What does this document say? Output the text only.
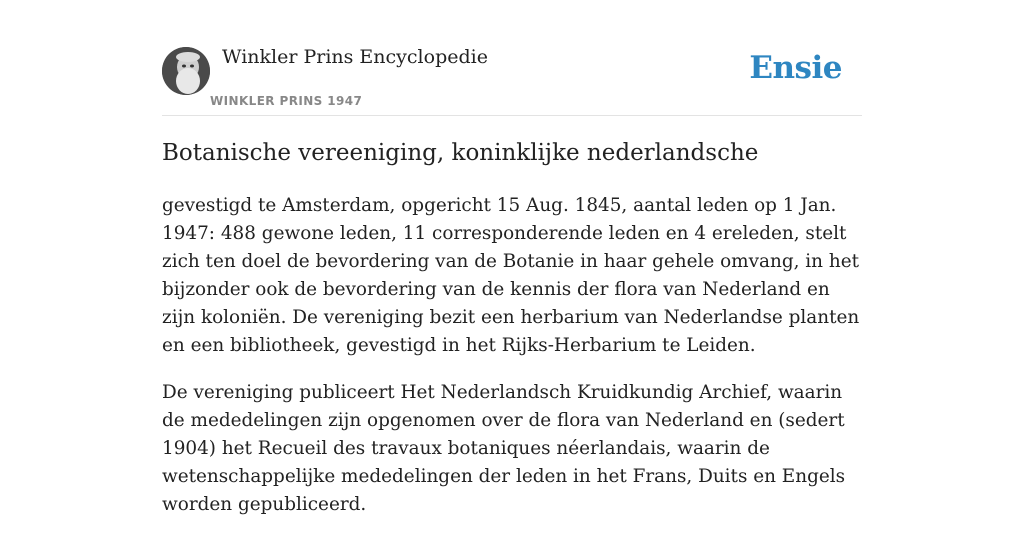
Winkler Prins Encyclopedie
WINKLER PRINS 1947
Ensie
Botanische vereeniging, koninklijke nederlandsche

gevestigd te Amsterdam, opgericht 15 Aug. 1845, aantal leden op 1 Jan. 1947: 488 gewone leden, 11 corresponderende leden en 4 ereleden, stelt zich ten doel de bevordering van de Botanie in haar gehele omvang, in het bijzonder ook de bevordering van de kennis der flora van Nederland en zijn koloniën. De vereniging bezit een herbarium van Nederlandse planten en een bibliotheek, gevestigd in het Rijks-Herbarium te Leiden.

De vereniging publiceert Het Nederlandsch Kruidkundig Archief, waarin de mededelingen zijn opgenomen over de flora van Nederland en (sedert 1904) het Recueil des travaux botaniques néerlandais, waarin de wetenschappelijke mededelingen der leden in het Frans, Duits en Engels worden gepubliceerd.
